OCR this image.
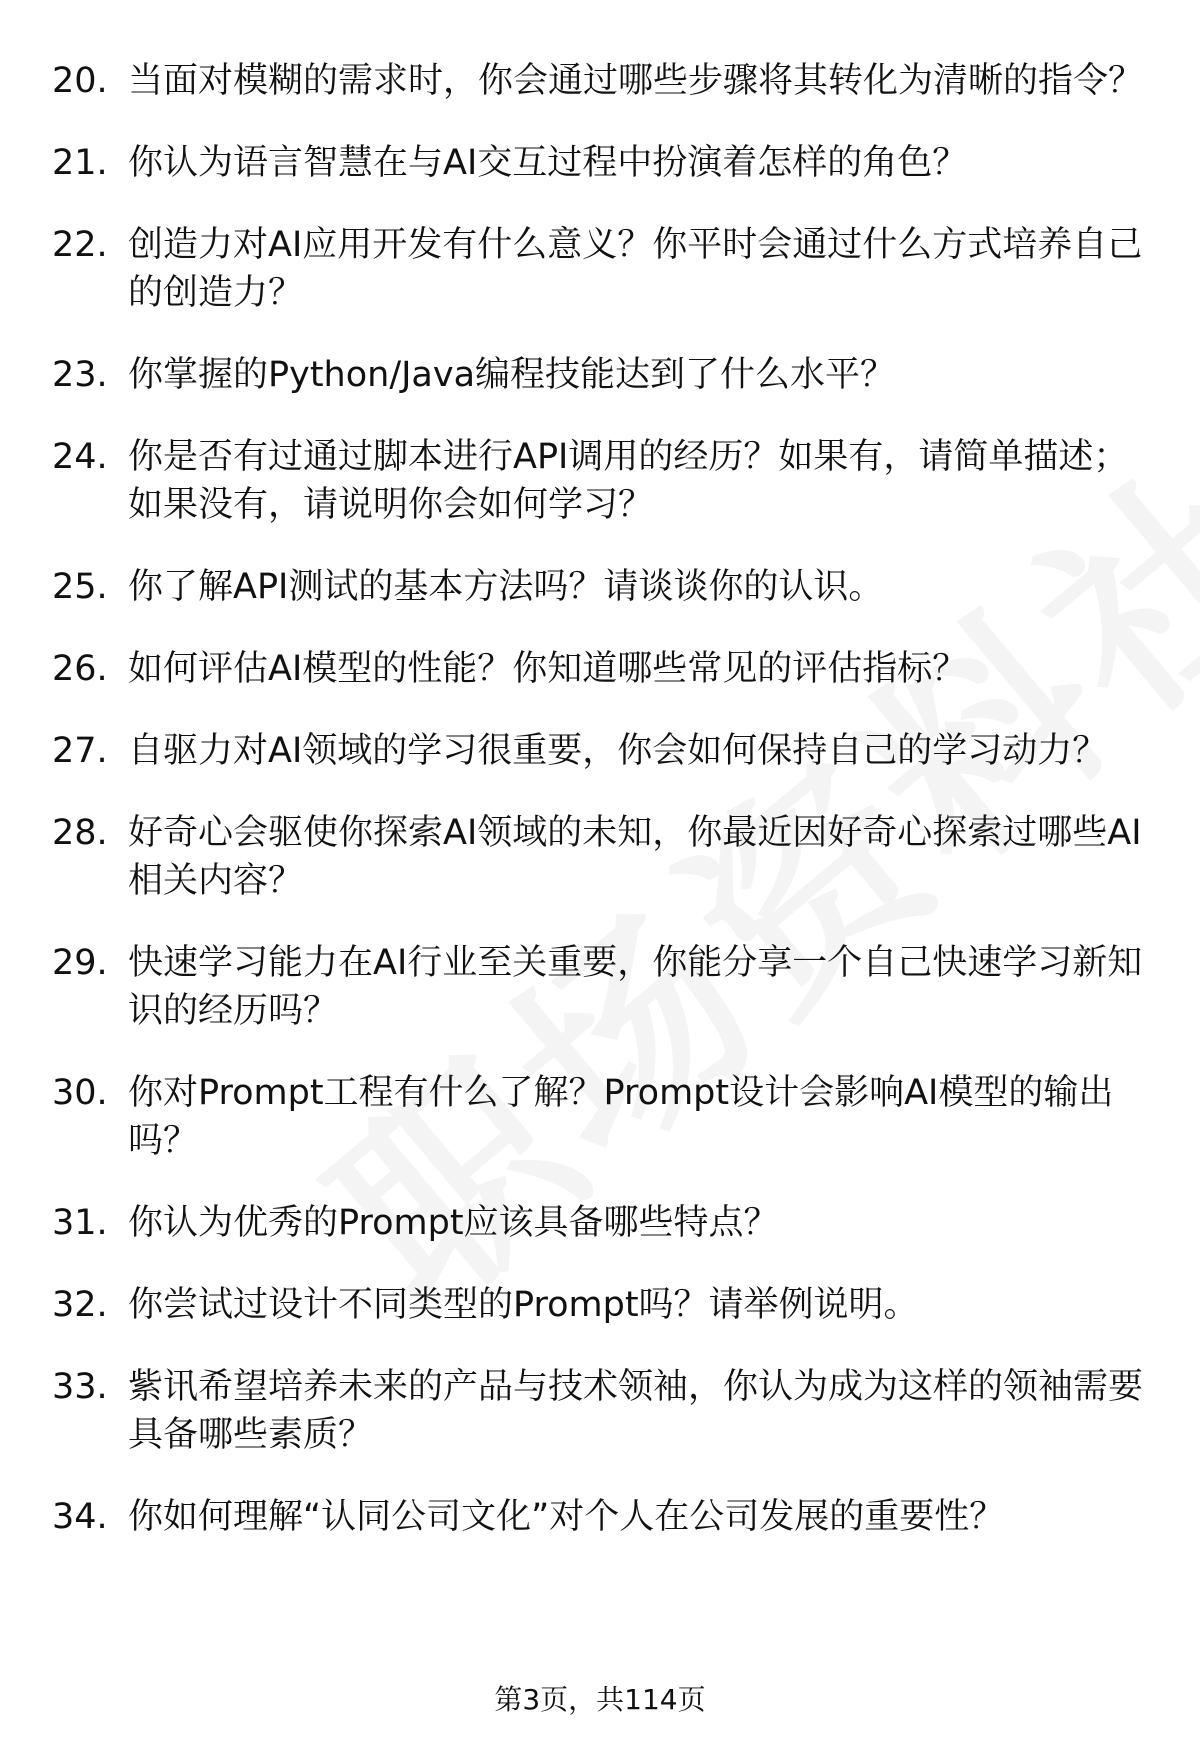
20. 当面对模糊的需求时，你会通过哪些步骤将其转化为清晰的指令？
21. 你认为语言智慧在与AI交互过程中扮演着怎样的角色？
22. 创造力对AI应用开发有什么意义？你平时会通过什么方式培养自己的创造力？
23. 你掌握的Python/Java编程技能达到了什么水平？
24. 你是否有过通过脚本进行API调用的经历？如果有，请简单描述；如果没有，请说明你会如何学习？
25. 你了解API测试的基本方法吗？请谈谈你的认识。
26. 如何评估AI模型的性能？你知道哪些常见的评估指标？
27. 自驱力对AI领域的学习很重要，你会如何保持自己的学习动力？
28. 好奇心会驱使你探索AI领域的未知，你最近因好奇心探索过哪些AI相关内容？
29. 快速学习能力在AI行业至关重要，你能分享一个自己快速学习新知识的经历吗？
30. 你对Prompt工程有什么了解？Prompt设计会影响AI模型的输出吗？
31. 你认为优秀的Prompt应该具备哪些特点？
32. 你尝试过设计不同类型的Prompt吗？请举例说明。
33. 紫讯希望培养未来的产品与技术领袖，你认为成为这样的领袖需要具备哪些素质？
34. 你如何理解“认同公司文化”对个人在公司发展的重要性？
第3页，共114页
